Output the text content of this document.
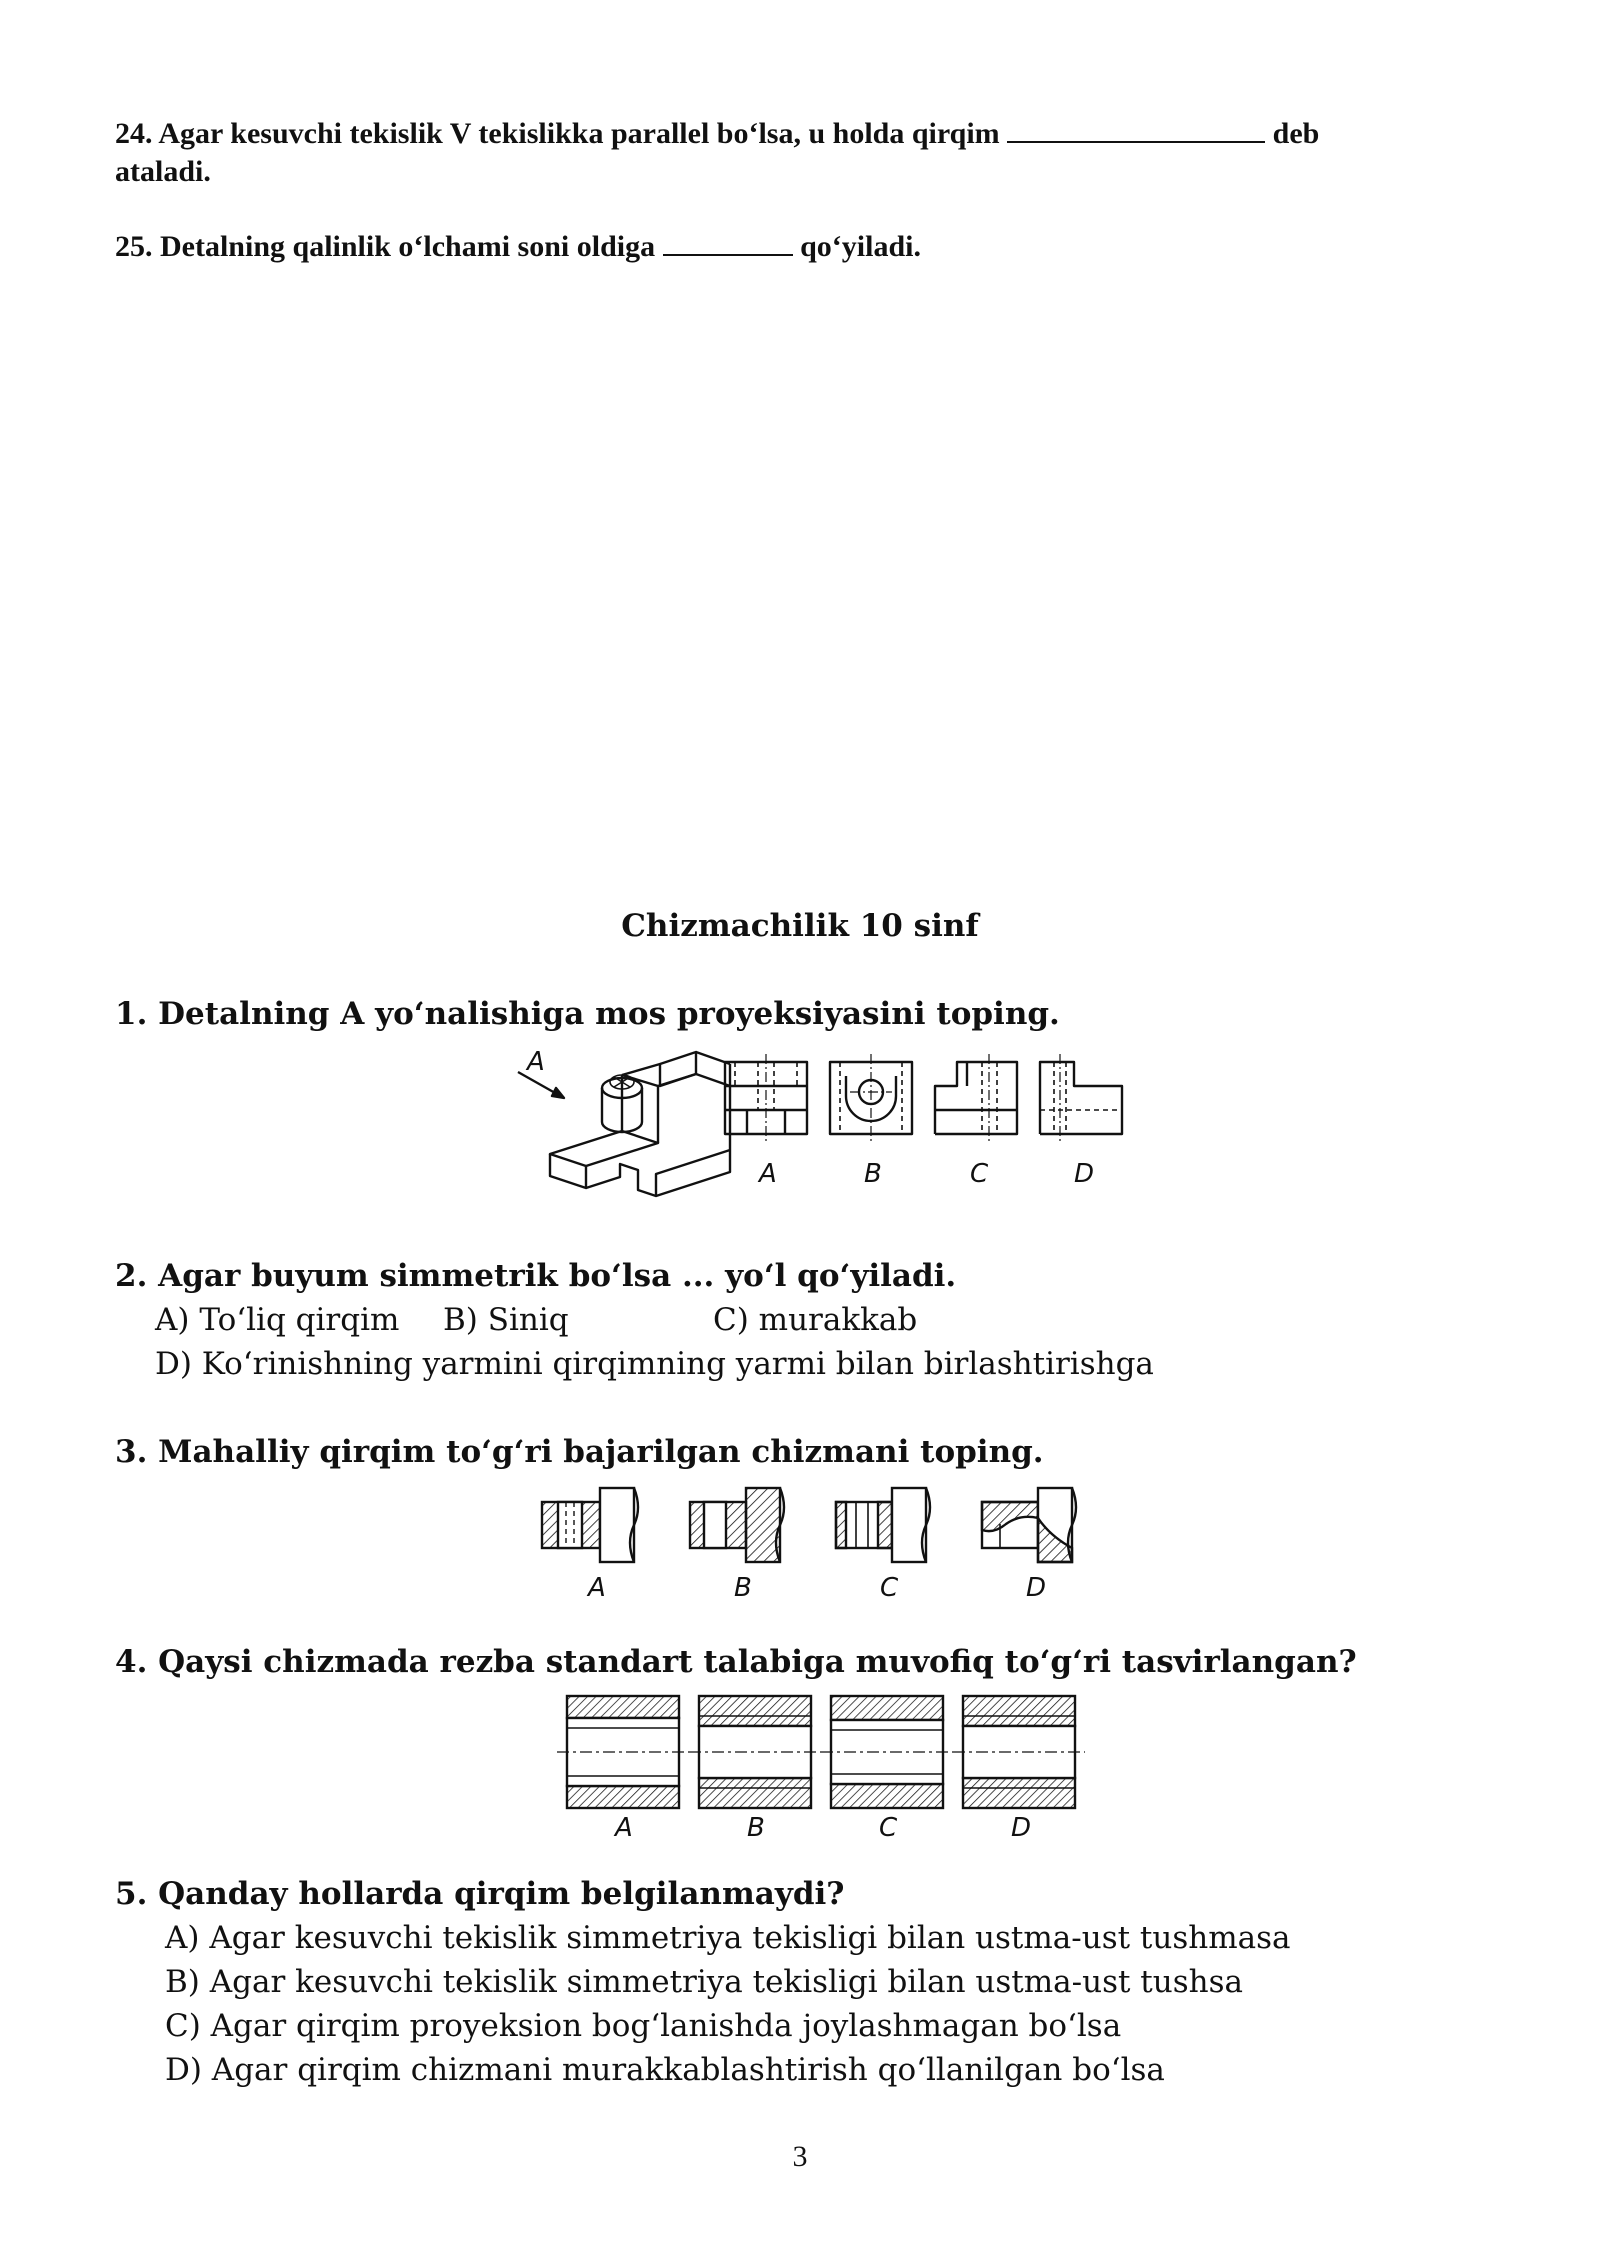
24. Agar kesuvchi tekislik V tekislikka parallel bo‘lsa, u holda qirqim	deb
ataladi.
25. Detalning qalinlik o‘lchami soni oldiga	qo‘yiladi.
Chizmachilik 10 sinf
1. Detalning A yo‘nalishiga mos proyeksiyasini toping.
A
A	B	C	D
2. Agar buyum simmetrik bo‘lsa ... yo‘l qo‘yiladi.
A) To‘liq qirqim B) Siniq	C) murakkab
D) Ko‘rinishning yarmini qirqimning yarmi bilan birlashtirishga
3. Mahalliy qirqim to‘g‘ri bajarilgan chizmani toping.
A	B	C	D
4. Qaysi chizmada rezba standart talabiga muvofiq to‘g‘ri tasvirlangan?
A	B	C	D
5. Qanday hollarda qirqim belgilanmaydi?
A) Agar kesuvchi tekislik simmetriya tekisligi bilan ustma-ust tushmasa
B) Agar kesuvchi tekislik simmetriya tekisligi bilan ustma-ust tushsa
C) Agar qirqim proyeksion bog‘lanishda joylashmagan bo‘lsa
D) Agar qirqim chizmani murakkablashtirish qo‘llanilgan bo‘lsa
3
